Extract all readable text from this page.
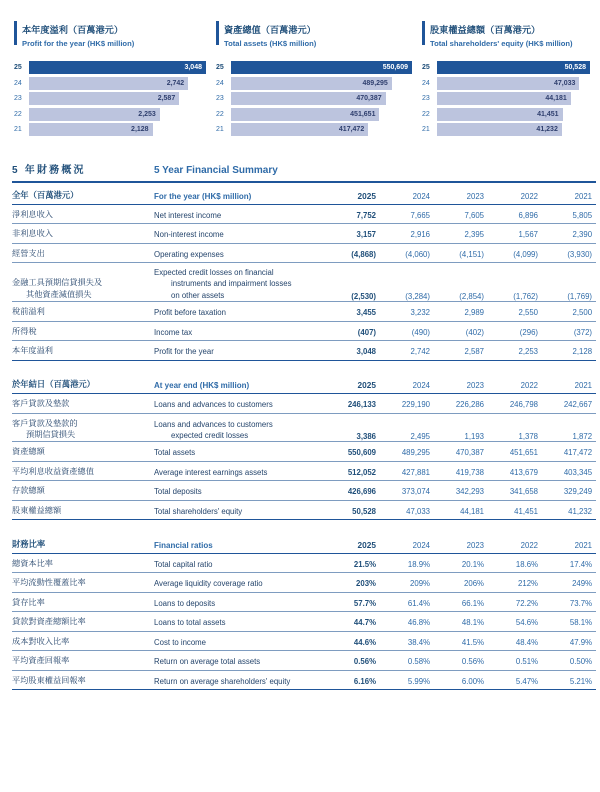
本年度溢利（百萬港元）
Profit for the year (HK$ million)
25	3,048
24	2,742
23	2,587
22	2,253
21	2,128
資產總值（百萬港元）
Total assets (HK$ million)
25	550,609
24	489,295
23	470,387
22	451,651
21	417,472
股東權益總額（百萬港元）
Total shareholders' equity (HK$ million)
25	50,528
24	47,033
23	44,181
22	41,451
21	41,232
5 年財務概況	5 Year Financial Summary					

全年（百萬港元）	For the year (HK$ million)	2025	2024	2023	2022	2021
淨利息收入	Net interest income	7,752	7,665	7,605	6,896	5,805
非利息收入	Non-interest income	3,157	2,916	2,395	1,567	2,390
經營支出	Operating expenses	(4,868)	(4,060)	(4,151)	(4,099)	(3,930)

金融工具預期信貸損失及
其他資產減值損失	Expected credit losses on financial
instruments and impairment losses
on other assets	(2,530)	(3,284)	(2,854)	(1,762)	(1,769)
稅前溢利	Profit before taxation	3,455	3,232	2,989	2,550	2,500
所得稅	Income tax	(407)	(490)	(402)	(296)	(372)
本年度溢利	Profit for the year	3,048	2,742	2,587	2,253	2,128

於年結日（百萬港元）	At year end (HK$ million)	2025	2024	2023	2022	2021
客戶貸款及墊款	Loans and advances to customers	246,133	229,190	226,286	246,798	242,667

客戶貸款及墊款的
預期信貸損失	Loans and advances to customers
expected credit losses	3,386	2,495	1,193	1,378	1,872
資產總額	Total assets	550,609	489,295	470,387	451,651	417,472
平均利息收益資產總值	Average interest earnings assets	512,052	427,881	419,738	413,679	403,345
存款總額	Total deposits	426,696	373,074	342,293	341,658	329,249
股東權益總額	Total shareholders' equity	50,528	47,033	44,181	41,451	41,232

財務比率	Financial ratios	2025	2024	2023	2022	2021
總資本比率	Total capital ratio	21.5%	18.9%	20.1%	18.6%	17.4%
平均流動性覆蓋比率	Average liquidity coverage ratio	203%	209%	206%	212%	249%
貸存比率	Loans to deposits	57.7%	61.4%	66.1%	72.2%	73.7%
貸款對資產總額比率	Loans to total assets	44.7%	46.8%	48.1%	54.6%	58.1%
成本對收入比率	Cost to income	44.6%	38.4%	41.5%	48.4%	47.9%
平均資產回報率	Return on average total assets	0.56%	0.58%	0.56%	0.51%	0.50%
平均股東權益回報率	Return on average shareholders' equity	6.16%	5.99%	6.00%	5.47%	5.21%
